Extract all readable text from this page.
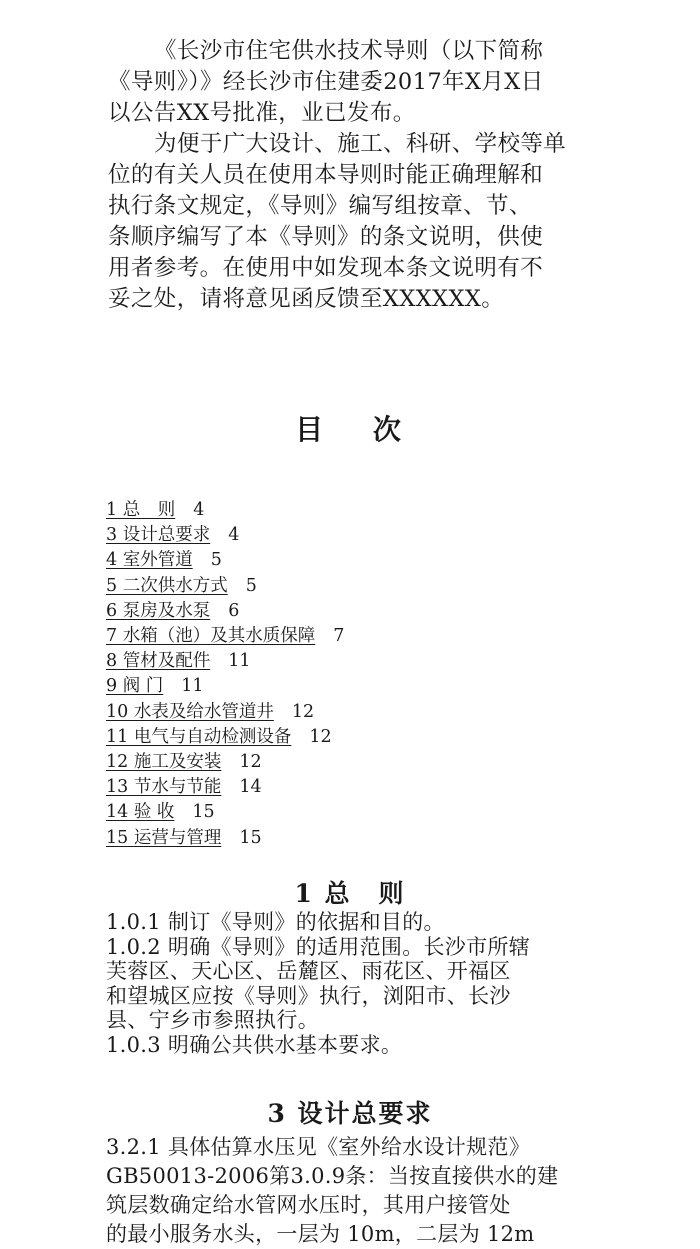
《长沙市住宅供水技术导则（以下简称
《导则》）》经长沙市住建委2017年X月X日
以公告XX号批准，业已发布。
为便于广大设计、施工、科研、学校等单
位的有关人员在使用本导则时能正确理解和
执行条文规定，《导则》编写组按章、节、
条顺序编写了本《导则》的条文说明，供使
用者参考。在使用中如发现本条文说明有不
妥之处，请将意见函反馈至XXXXXX。
目 次
1 总　则 4
3 设计总要求 4
4 室外管道 5
5 二次供水方式 5
6 泵房及水泵 6
7 水箱（池）及其水质保障 7
8 管材及配件 11
9 阀 门 11
10 水表及给水管道井 12
11 电气与自动检测设备 12
12 施工及安装 12
13 节水与节能 14
14 验 收 15
15 运营与管理 15
1 总　则
1.0.1 制订《导则》的依据和目的。
1.0.2 明确《导则》的适用范围。长沙市所辖
芙蓉区、天心区、岳麓区、雨花区、开福区
和望城区应按《导则》执行，浏阳市、长沙
县、宁乡市参照执行。
1.0.3 明确公共供水基本要求。
3 设计总要求
3.2.1 具体估算水压见《室外给水设计规范》
GB50013-2006第3.0.9条：当按直接供水的建
筑层数确定给水管网水压时，其用户接管处
的最小服务水头，一层为 10m，二层为 12m
